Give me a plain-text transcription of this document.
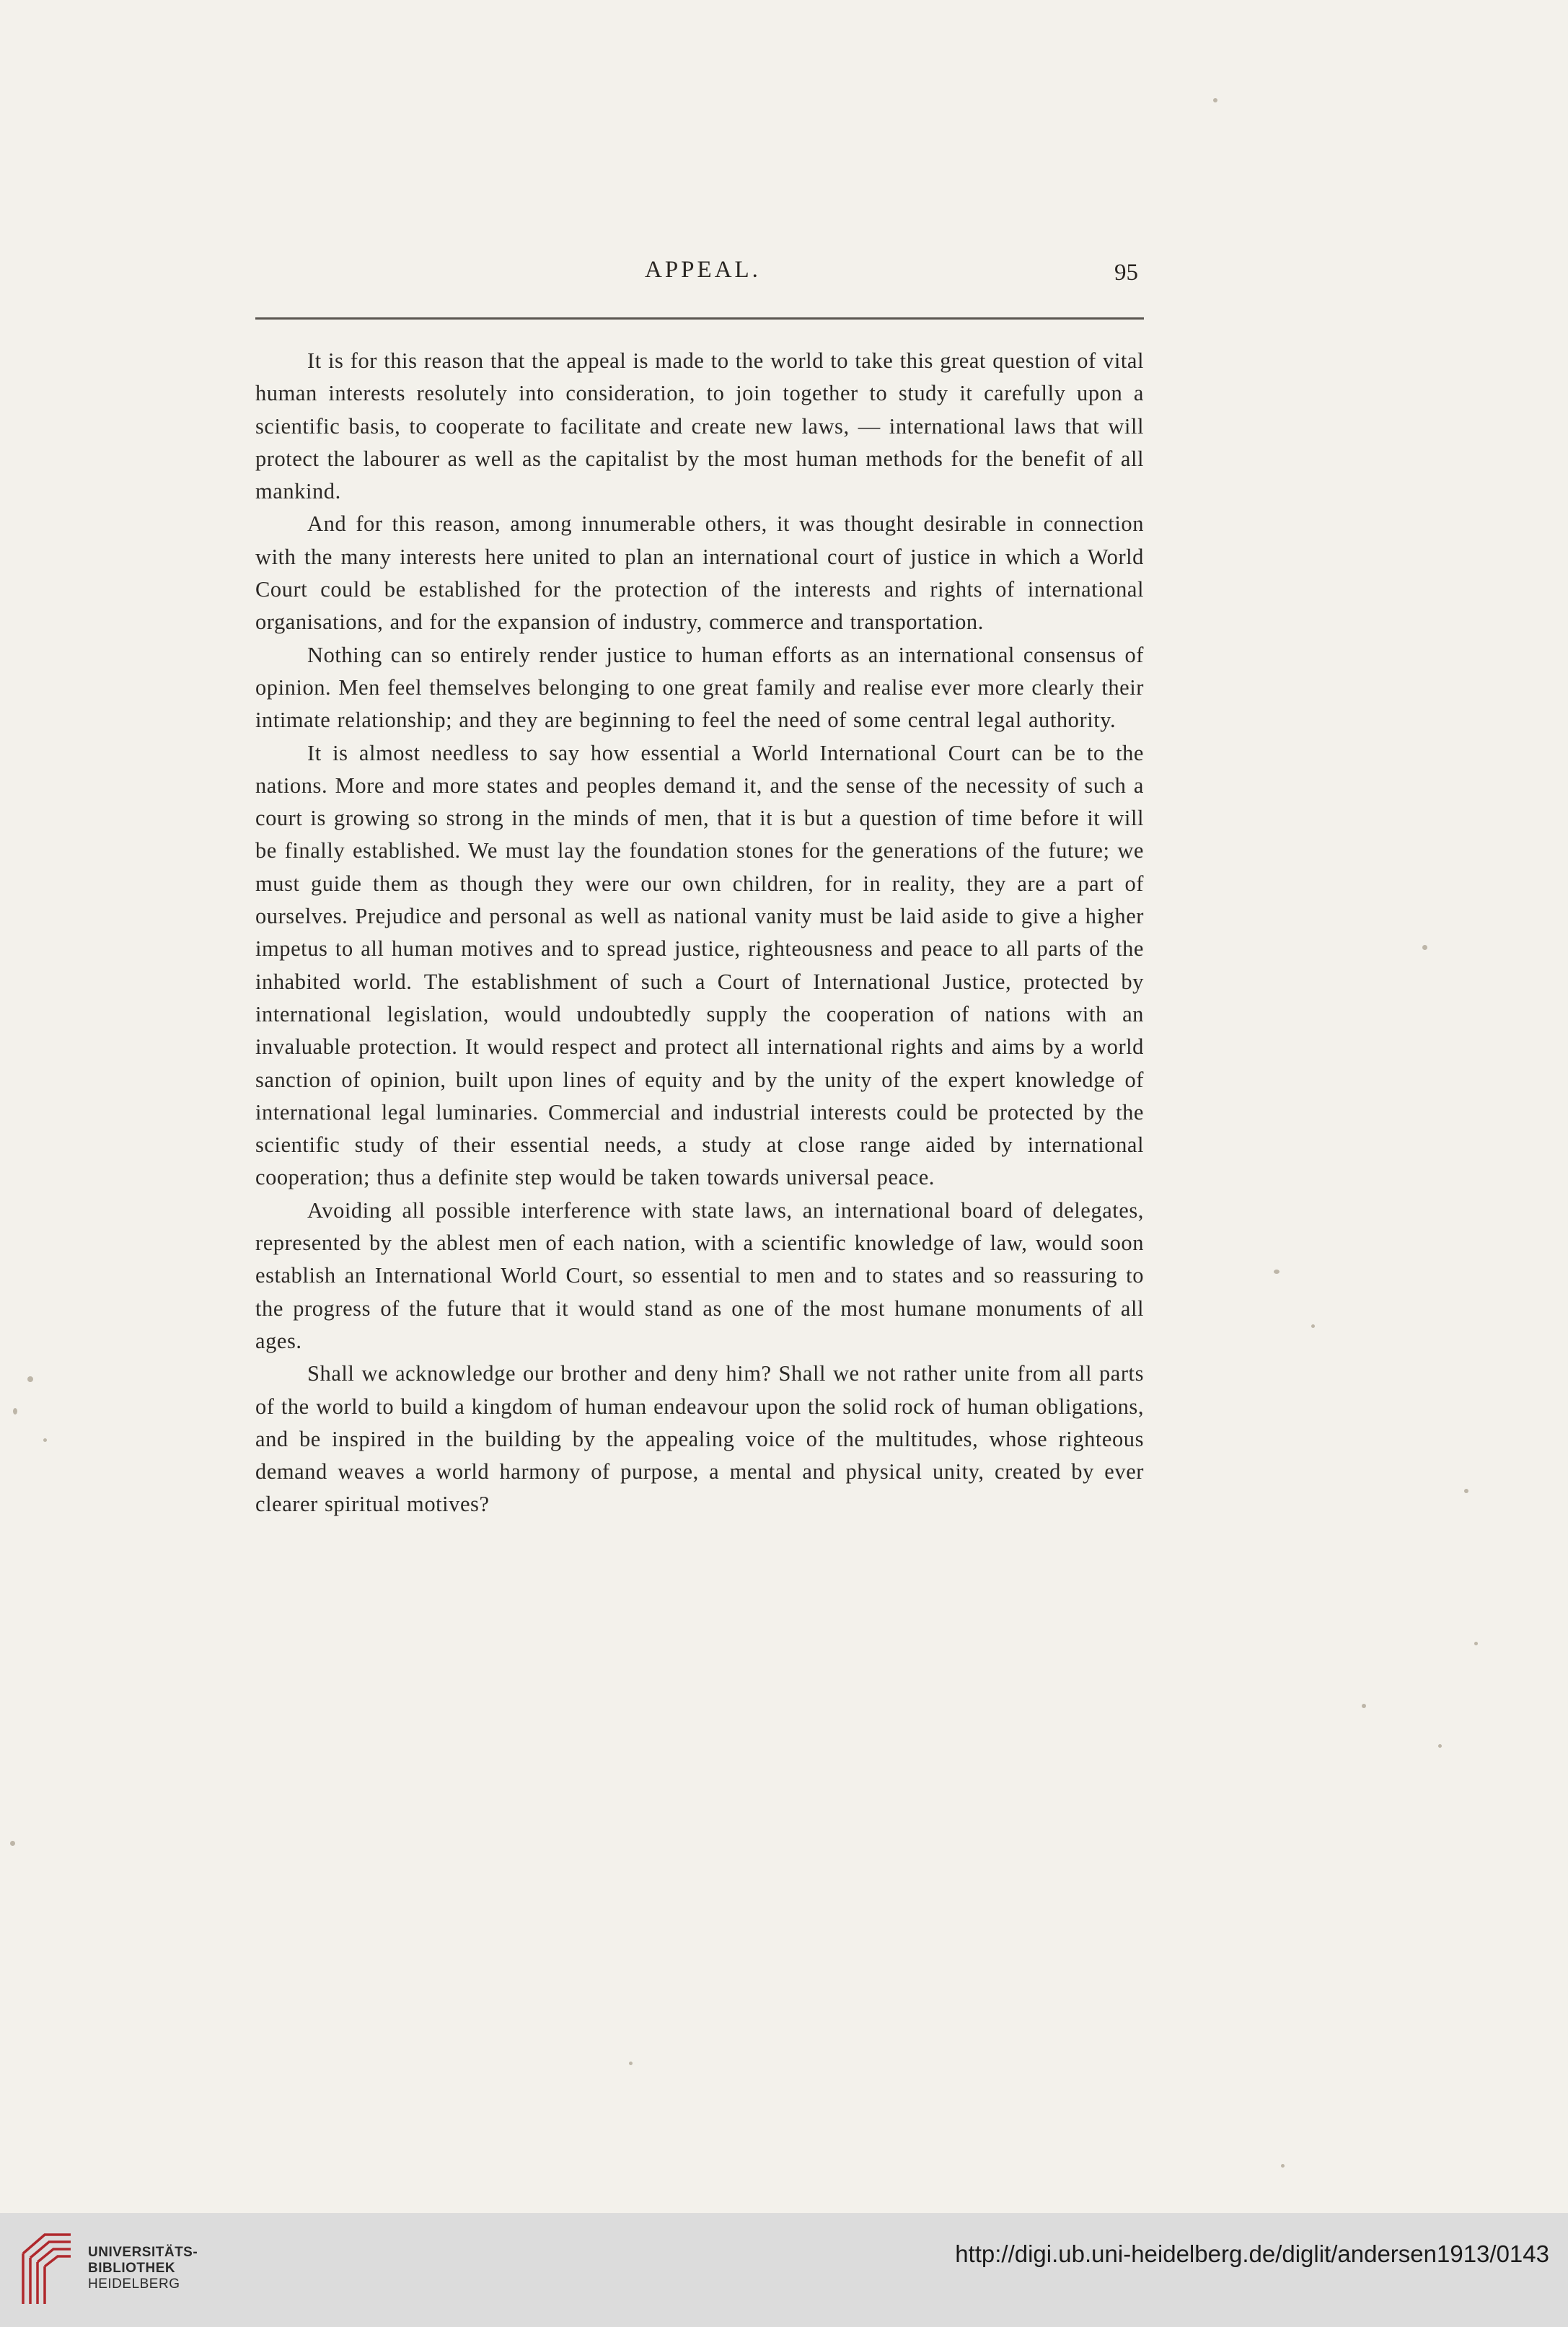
APPEAL.	95

It is for this reason that the appeal is made to the world to take this great question of vital human interests resolutely into consideration, to join together to study it carefully upon a scientific basis, to cooperate to facilitate and create new laws, — international laws that will protect the labourer as well as the capitalist by the most human methods for the benefit of all mankind.

And for this reason, among innumerable others, it was thought desirable in connection with the many interests here united to plan an international court of justice in which a World Court could be established for the protection of the interests and rights of international organisations, and for the expansion of industry, commerce and transportation.

Nothing can so entirely render justice to human efforts as an international consensus of opinion. Men feel themselves belonging to one great family and realise ever more clearly their intimate relationship; and they are beginning to feel the need of some central legal authority.

It is almost needless to say how essential a World International Court can be to the nations. More and more states and peoples demand it, and the sense of the necessity of such a court is growing so strong in the minds of men, that it is but a question of time before it will be finally established. We must lay the foundation stones for the generations of the future; we must guide them as though they were our own children, for in reality, they are a part of ourselves. Prejudice and personal as well as national vanity must be laid aside to give a higher impetus to all human motives and to spread justice, righteousness and peace to all parts of the inhabited world. The establishment of such a Court of International Justice, protected by international legislation, would undoubtedly supply the cooperation of nations with an invaluable protection. It would respect and protect all international rights and aims by a world sanction of opinion, built upon lines of equity and by the unity of the expert knowledge of international legal luminaries. Commercial and industrial interests could be protected by the scientific study of their essential needs, a study at close range aided by international cooperation; thus a definite step would be taken towards universal peace.

Avoiding all possible interference with state laws, an international board of delegates, represented by the ablest men of each nation, with a scientific knowledge of law, would soon establish an International World Court, so essential to men and to states and so reassuring to the progress of the future that it would stand as one of the most humane monuments of all ages.

Shall we acknowledge our brother and deny him? Shall we not rather unite from all parts of the world to build a kingdom of human endeavour upon the solid rock of human obligations, and be inspired in the building by the appealing voice of the multitudes, whose righteous demand weaves a world harmony of purpose, a mental and physical unity, created by ever clearer spiritual motives?

UNIVERSITÄTS-
BIBLIOTHEK
HEIDELBERG
http://digi.ub.uni-heidelberg.de/diglit/andersen1913/0143
